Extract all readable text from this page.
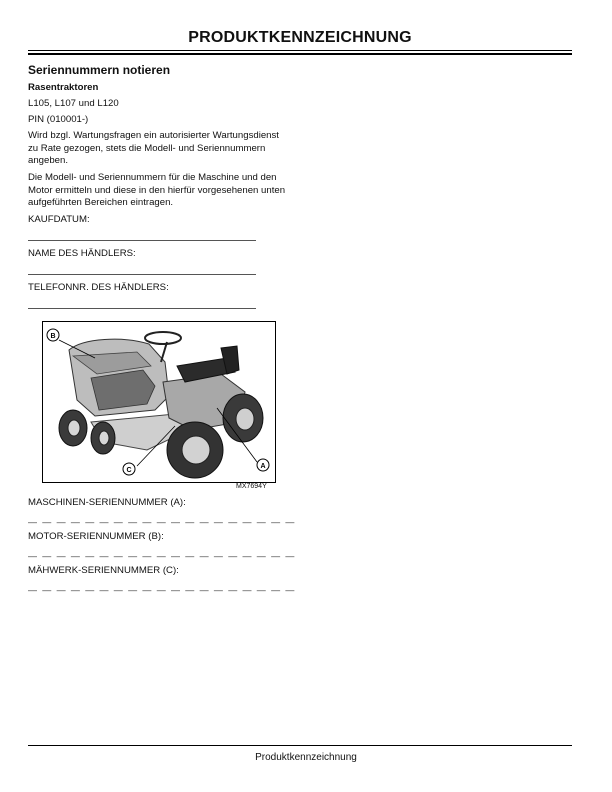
PRODUKTKENNZEICHNUNG
Seriennummern notieren
Rasentraktoren
L105, L107 und L120
PIN (010001-)
Wird bzgl. Wartungsfragen ein autorisierter Wartungsdienst zu Rate gezogen, stets die Modell- und Seriennummern angeben.
Die Modell- und Seriennummern für die Maschine und den Motor ermitteln und diese in den hierfür vorgesehenen unten aufgeführten Bereichen eintragen.
KAUFDATUM:
NAME DES HÄNDLERS:
TELEFONNR. DES HÄNDLERS:
B
A
C
MX7694Y
MASCHINEN-SERIENNUMMER (A):
— — — — — — — — — — — — — — — — — — —
MOTOR-SERIENNUMMER (B):
— — — — — — — — — — — — — — — — — — —
MÄHWERK-SERIENNUMMER (C):
— — — — — — — — — — — — — — — — — — —
Produktkennzeichnung
